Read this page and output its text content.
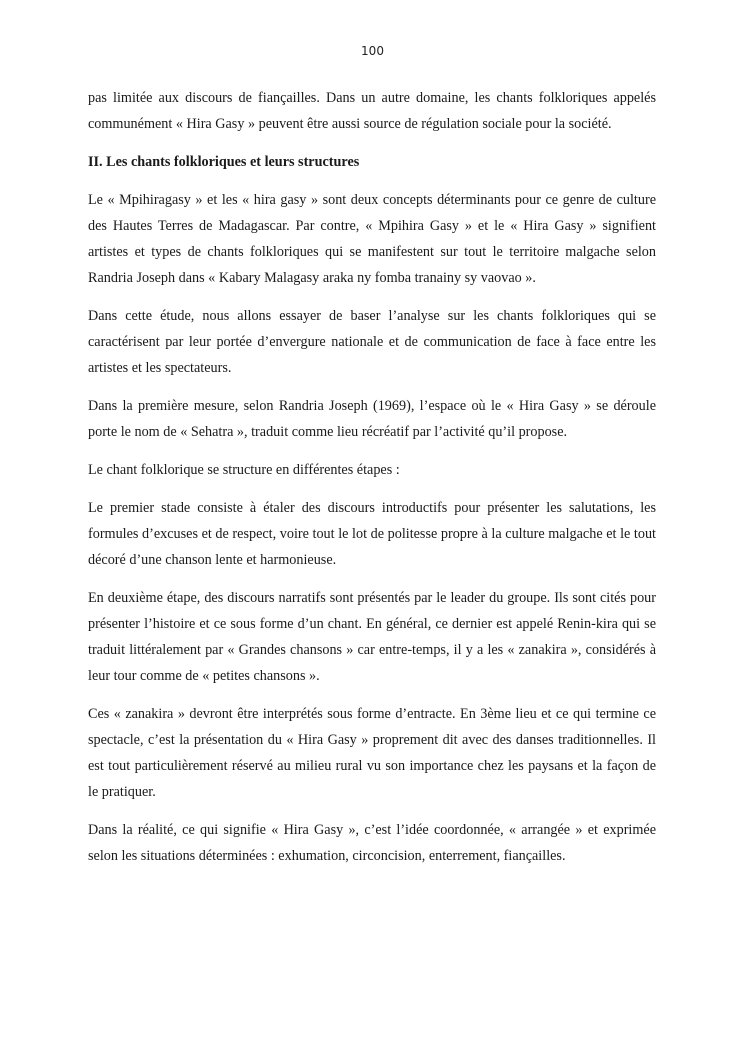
100

pas limitée aux discours de fiançailles. Dans un autre domaine, les chants folkloriques appelés communément « Hira Gasy » peuvent être aussi source de régulation sociale pour la société.

II. Les chants folkloriques et leurs structures

Le « Mpihiragasy » et les « hira gasy » sont deux concepts déterminants pour ce genre de culture des Hautes Terres de Madagascar. Par contre, « Mpihira Gasy » et le « Hira Gasy » signifient artistes et types de chants folkloriques qui se manifestent sur tout le territoire malgache selon Randria Joseph dans « Kabary Malagasy araka ny fomba tranainy sy vaovao ».

Dans cette étude, nous allons essayer de baser l’analyse sur les chants folkloriques qui se caractérisent par leur portée d’envergure nationale et de communication de face à face entre les artistes et les spectateurs.

Dans la première mesure, selon Randria Joseph (1969), l’espace où le « Hira Gasy » se déroule porte le nom de « Sehatra », traduit comme lieu récréatif par l’activité qu’il propose.

Le chant folklorique se structure en différentes étapes :

Le premier stade consiste à étaler des discours introductifs pour présenter les salutations, les formules d’excuses et de respect, voire tout le lot de politesse propre à la culture malgache et le tout décoré d’une chanson lente et harmonieuse.

En deuxième étape, des discours narratifs sont présentés par le leader du groupe. Ils sont cités pour présenter l’histoire et ce sous forme d’un chant. En général, ce dernier est appelé Renin-kira qui se traduit littéralement par « Grandes chansons » car entre-temps, il y a les « zanakira », considérés à leur tour comme de « petites chansons ».

Ces « zanakira » devront être interprétés sous forme d’entracte. En 3ème lieu et ce qui termine ce spectacle, c’est la présentation du « Hira Gasy » proprement dit avec des danses traditionnelles. Il est tout particulièrement réservé au milieu rural vu son importance chez les paysans et la façon de le pratiquer.

Dans la réalité, ce qui signifie « Hira Gasy », c’est l’idée coordonnée, « arrangée » et exprimée selon les situations déterminées : exhumation, circoncision, enterrement, fiançailles.
